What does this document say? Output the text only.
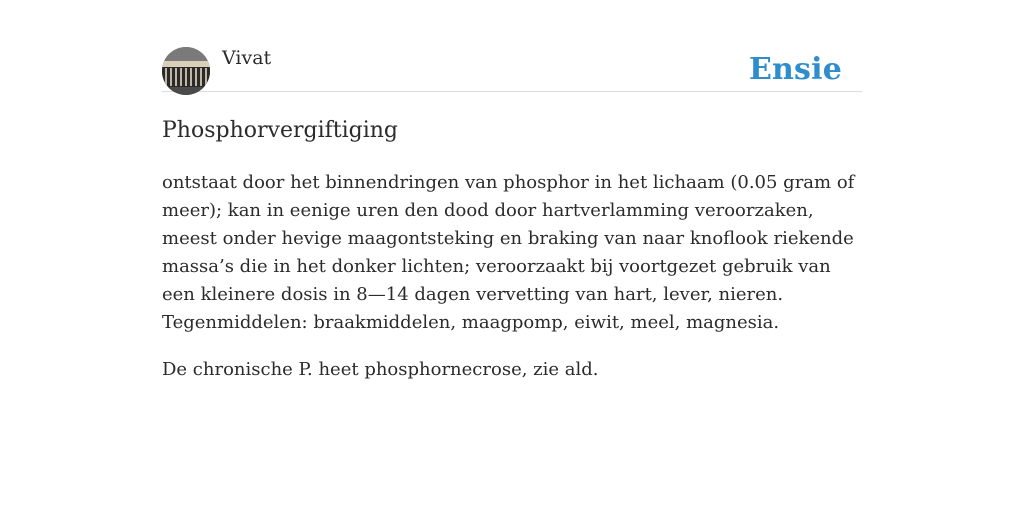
Vivat	Ensie
Phosphorvergiftiging

ontstaat door het binnendringen van phosphor in het lichaam (0.05 gram of meer); kan in eenige uren den dood door hartverlamming veroorzaken, meest onder hevige maagontsteking en braking van naar knoflook riekende massa’s die in het donker lichten; veroorzaakt bij voortgezet gebruik van een kleinere dosis in 8—14 dagen vervetting van hart, lever, nieren. Tegenmiddelen: braakmiddelen, maagpomp, eiwit, meel, magnesia.

De chronische P. heet phosphornecrose, zie ald.
